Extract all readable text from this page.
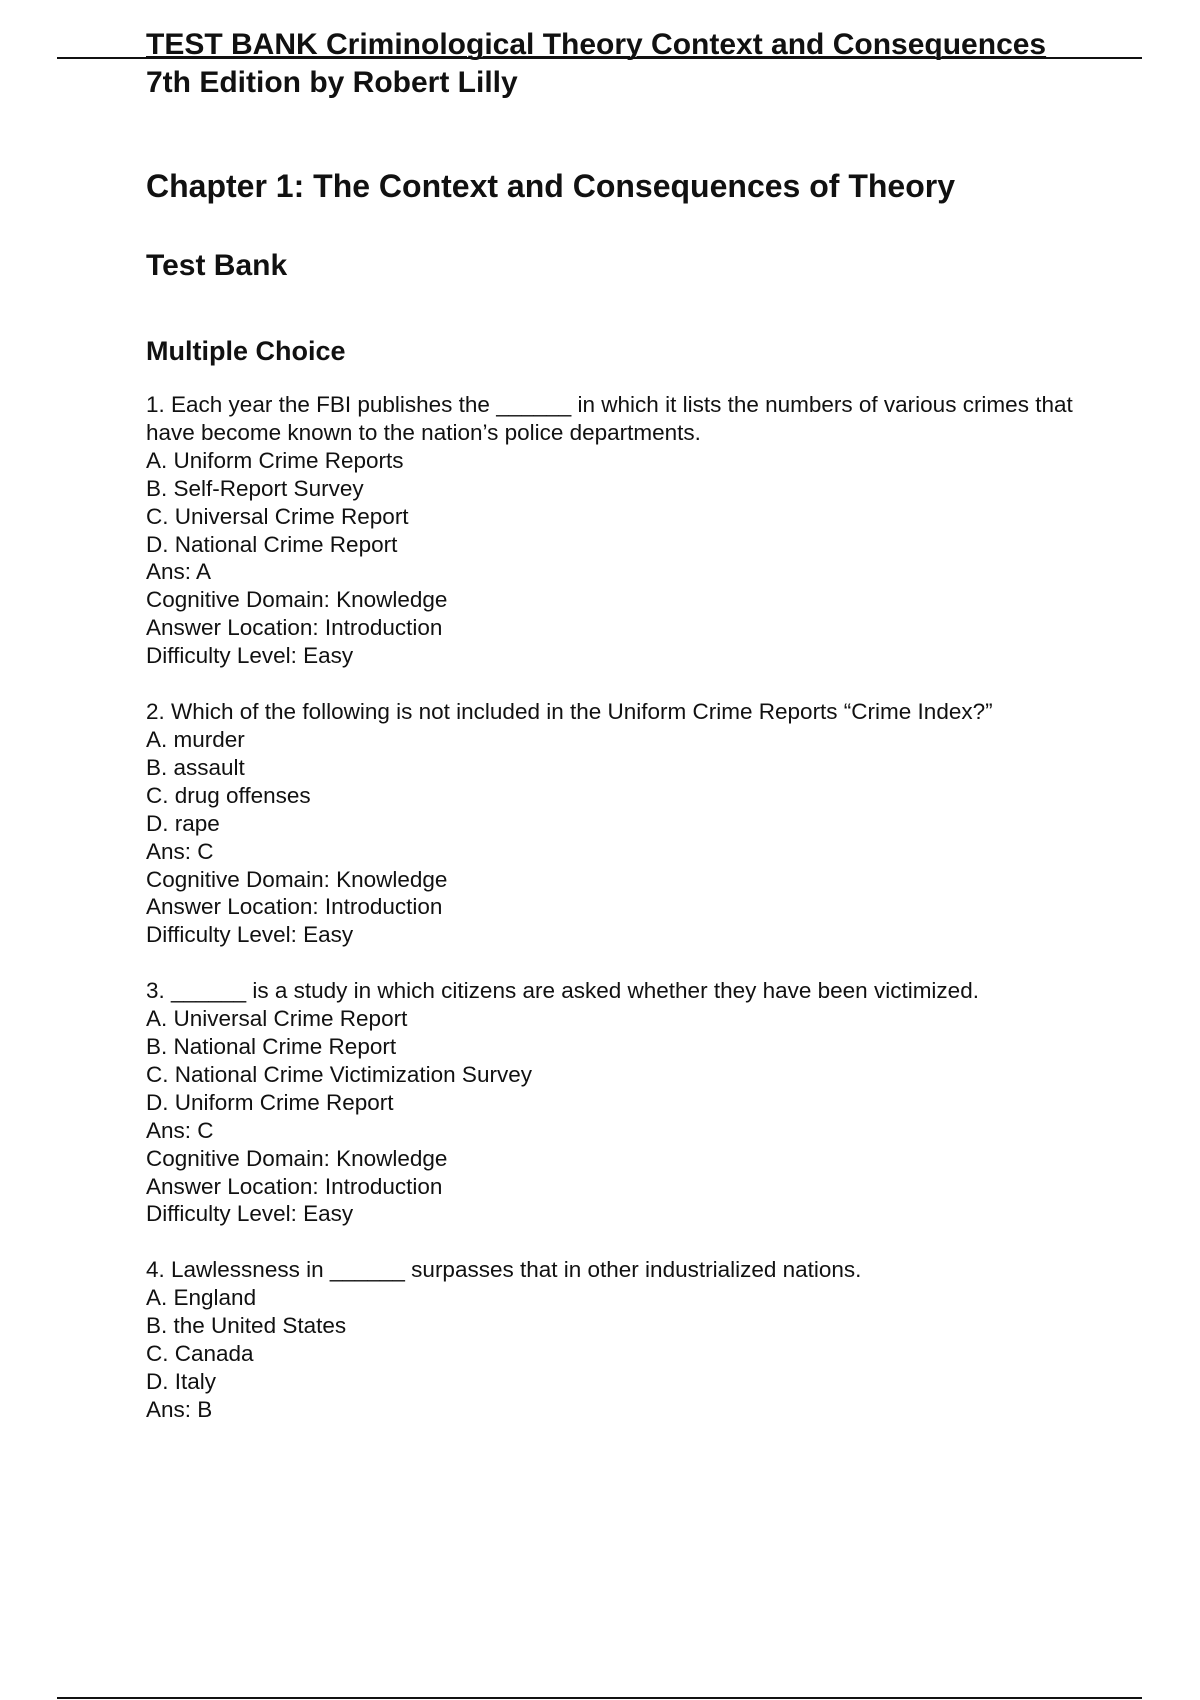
TEST BANK Criminological Theory Context and Consequences
7th Edition by Robert Lilly
Chapter 1: The Context and Consequences of Theory
Test Bank
Multiple Choice
1. Each year the FBI publishes the ______ in which it lists the numbers of various crimes that have become known to the nation’s police departments.
A. Uniform Crime Reports
B. Self-Report Survey
C. Universal Crime Report
D. National Crime Report
Ans: A
Cognitive Domain: Knowledge
Answer Location: Introduction
Difficulty Level: Easy
2. Which of the following is not included in the Uniform Crime Reports “Crime Index?”
A. murder
B. assault
C. drug offenses
D. rape
Ans: C
Cognitive Domain: Knowledge
Answer Location: Introduction
Difficulty Level: Easy
3. ______ is a study in which citizens are asked whether they have been victimized.
A. Universal Crime Report
B. National Crime Report
C. National Crime Victimization Survey
D. Uniform Crime Report
Ans: C
Cognitive Domain: Knowledge
Answer Location: Introduction
Difficulty Level: Easy
4. Lawlessness in ______ surpasses that in other industrialized nations.
A. England
B. the United States
C. Canada
D. Italy
Ans: B
